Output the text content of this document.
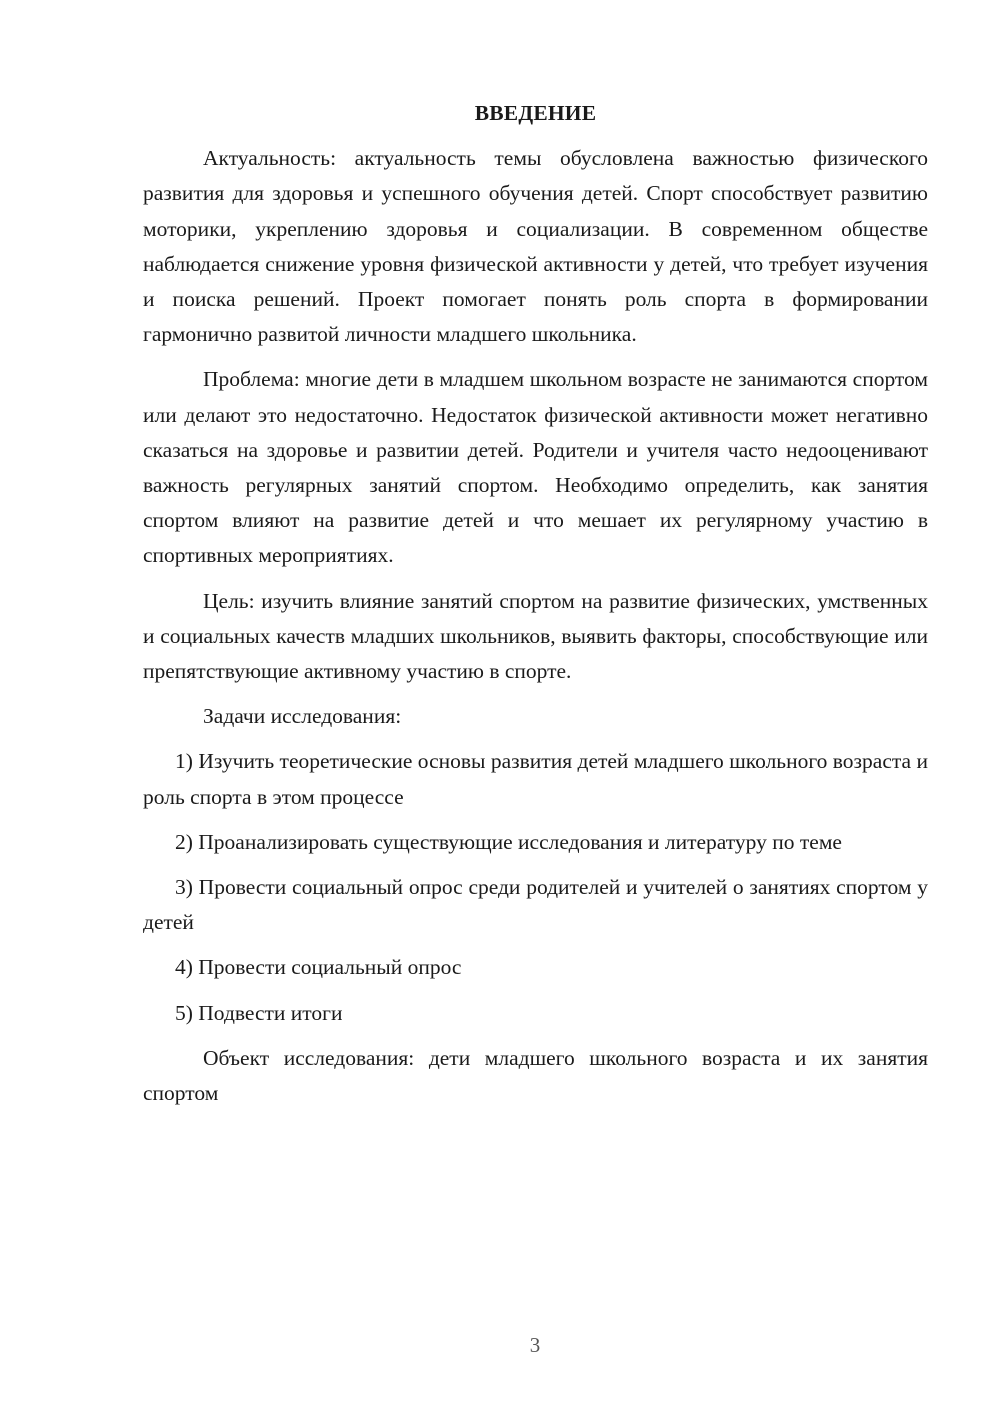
ВВЕДЕНИЕ

Актуальность: актуальность темы обусловлена важностью физического развития для здоровья и успешного обучения детей. Спорт способствует развитию моторики, укреплению здоровья и социализации. В современном обществе наблюдается снижение уровня физической активности у детей, что требует изучения и поиска решений. Проект помогает понять роль спорта в формировании гармонично развитой личности младшего школьника.

Проблема: многие дети в младшем школьном возрасте не занимаются спортом или делают это недостаточно. Недостаток физической активности может негативно сказаться на здоровье и развитии детей. Родители и учителя часто недооценивают важность регулярных занятий спортом. Необходимо определить, как занятия спортом влияют на развитие детей и что мешает их регулярному участию в спортивных мероприятиях.

Цель: изучить влияние занятий спортом на развитие физических, умственных и социальных качеств младших школьников, выявить факторы, способствующие или препятствующие активному участию в спорте.

Задачи исследования:

1) Изучить теоретические основы развития детей младшего школьного возраста и роль спорта в этом процессе

2) Проанализировать существующие исследования и литературу по теме

3) Провести социальный опрос среди родителей и учителей о занятиях спортом у детей

4) Провести социальный опрос

5) Подвести итоги

Объект исследования: дети младшего школьного возраста и их занятия спортом

3
